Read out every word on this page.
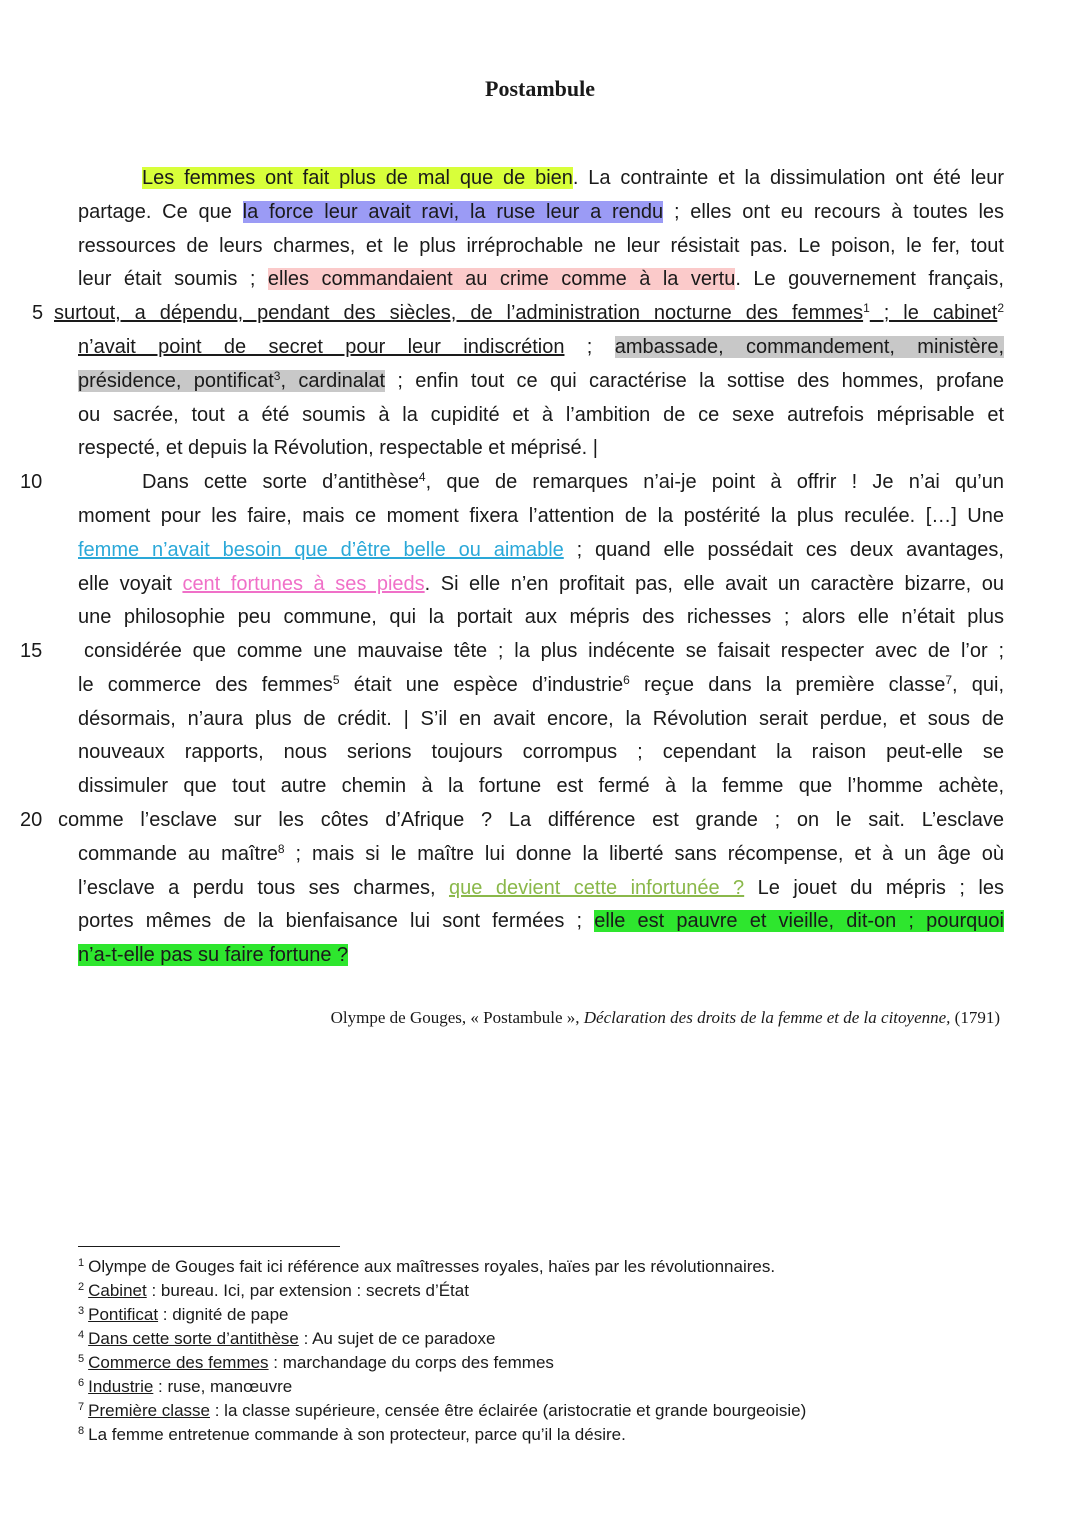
Postambule
5
10
15
20
Les femmes ont fait plus de mal que de bien. La contrainte et la dissimulation ont été leur
partage. Ce que la force leur avait ravi, la ruse leur a rendu ; elles ont eu recours à toutes les
ressources de leurs charmes, et le plus irréprochable ne leur résistait pas. Le poison, le fer, tout
leur était soumis ; elles commandaient au crime comme à la vertu. Le gouvernement français,
surtout, a dépendu, pendant des siècles, de l’administration nocturne des femmes$^1$ ; le cabinet$^2$
n’avait point de secret pour leur indiscrétion ; ambassade, commandement, ministère,
présidence, pontificat$^3$, cardinalat ; enfin tout ce qui caractérise la sottise des hommes, profane
ou sacrée, tout a été soumis à la cupidité et à l’ambition de ce sexe autrefois méprisable et
respecté, et depuis la Révolution, respectable et méprisé. |
Dans cette sorte d’antithèse$^4$, que de remarques n’ai-je point à offrir ! Je n’ai qu’un
moment pour les faire, mais ce moment fixera l’attention de la postérité la plus reculée. […] Une
femme n’avait besoin que d’être belle ou aimable ; quand elle possédait ces deux avantages,
elle voyait cent fortunes à ses pieds. Si elle n’en profitait pas, elle avait un caractère bizarre, ou
une philosophie peu commune, qui la portait aux mépris des richesses ; alors elle n’était plus
considérée que comme une mauvaise tête ; la plus indécente se faisait respecter avec de l’or ;
le commerce des femmes$^5$ était une espèce d’industrie$^6$ reçue dans la première classe$^7$, qui,
désormais, n’aura plus de crédit. | S’il en avait encore, la Révolution serait perdue, et sous de
nouveaux rapports, nous serions toujours corrompus ; cependant la raison peut-elle se
dissimuler que tout autre chemin à la fortune est fermé à la femme que l’homme achète,
comme l’esclave sur les côtes d’Afrique ? La différence est grande ; on le sait. L’esclave
commande au maître$^8$ ; mais si le maître lui donne la liberté sans récompense, et à un âge où
l’esclave a perdu tous ses charmes, que devient cette infortunée ? Le jouet du mépris ; les
portes mêmes de la bienfaisance lui sont fermées ; elle est pauvre et vieille, dit-on ; pourquoi
n’a-t-elle pas su faire fortune ?
Olympe de Gouges, « Postambule », Déclaration des droits de la femme et de la citoyenne, (1791)
$^1$ Olympe de Gouges fait ici référence aux maîtresses royales, haïes par les révolutionnaires.
$^2$ Cabinet : bureau. Ici, par extension : secrets d’État
$^3$ Pontificat : dignité de pape
$^4$ Dans cette sorte d’antithèse : Au sujet de ce paradoxe
$^5$ Commerce des femmes : marchandage du corps des femmes
$^6$ Industrie : ruse, manœuvre
$^7$ Première classe : la classe supérieure, censée être éclairée (aristocratie et grande bourgeoisie)
$^8$ La femme entretenue commande à son protecteur, parce qu’il la désire.
